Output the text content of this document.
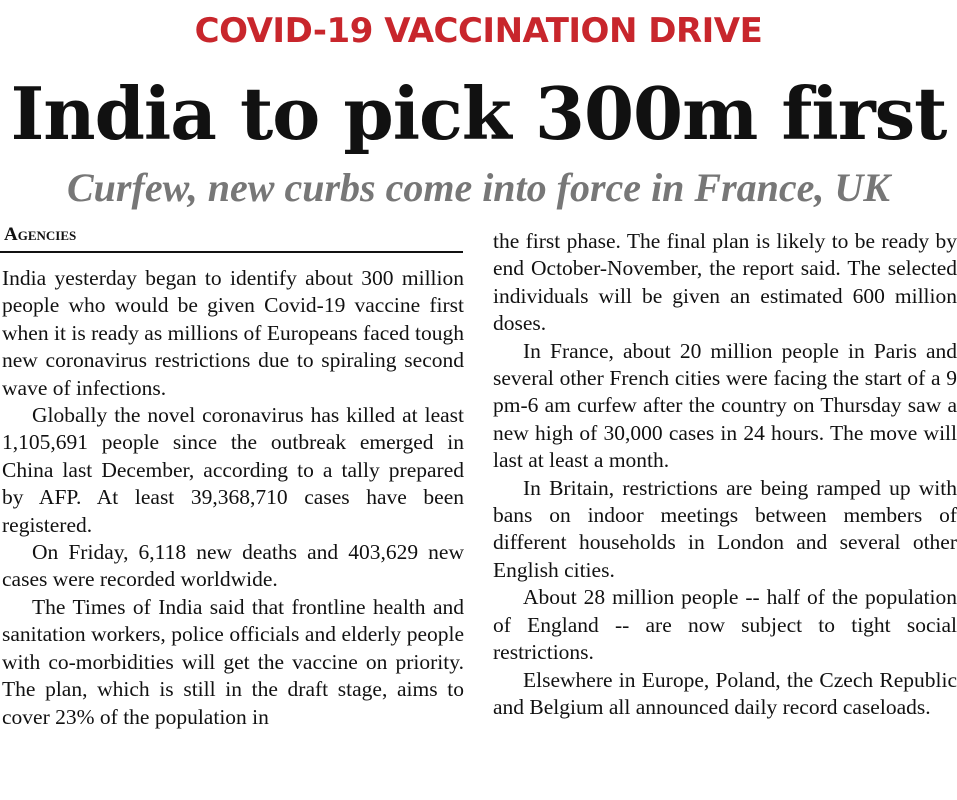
COVID-19 VACCINATION DRIVE
India to pick 300m first
Curfew, new curbs come into force in France, UK
Agencies

India yesterday began to identify about 300 million people who would be given Covid-19 vaccine first when it is ready as millions of Europeans faced tough new coronavirus restrictions due to spiraling second wave of infections.

Globally the novel coronavirus has killed at least 1,105,691 people since the outbreak emerged in China last December, according to a tally prepared by AFP. At least 39,368,710 cases have been registered.

On Friday, 6,118 new deaths and 403,629 new cases were recorded worldwide.

The Times of India said that frontline health and sanitation workers, police officials and elderly people with co-morbidities will get the vaccine on priority. The plan, which is still in the draft stage, aims to cover 23% of the population in

the first phase. The final plan is likely to be ready by end October-November, the report said. The selected individuals will be given an estimated 600 million doses.

In France, about 20 million people in Paris and several other French cities were facing the start of a 9 pm-6 am curfew after the country on Thursday saw a new high of 30,000 cases in 24 hours. The move will last at least a month.

In Britain, restrictions are being ramped up with bans on indoor meetings between members of different households in London and several other English cities.

About 28 million people -- half of the population of England -- are now subject to tight social restrictions.

Elsewhere in Europe, Poland, the Czech Republic and Belgium all announced daily record caseloads.
